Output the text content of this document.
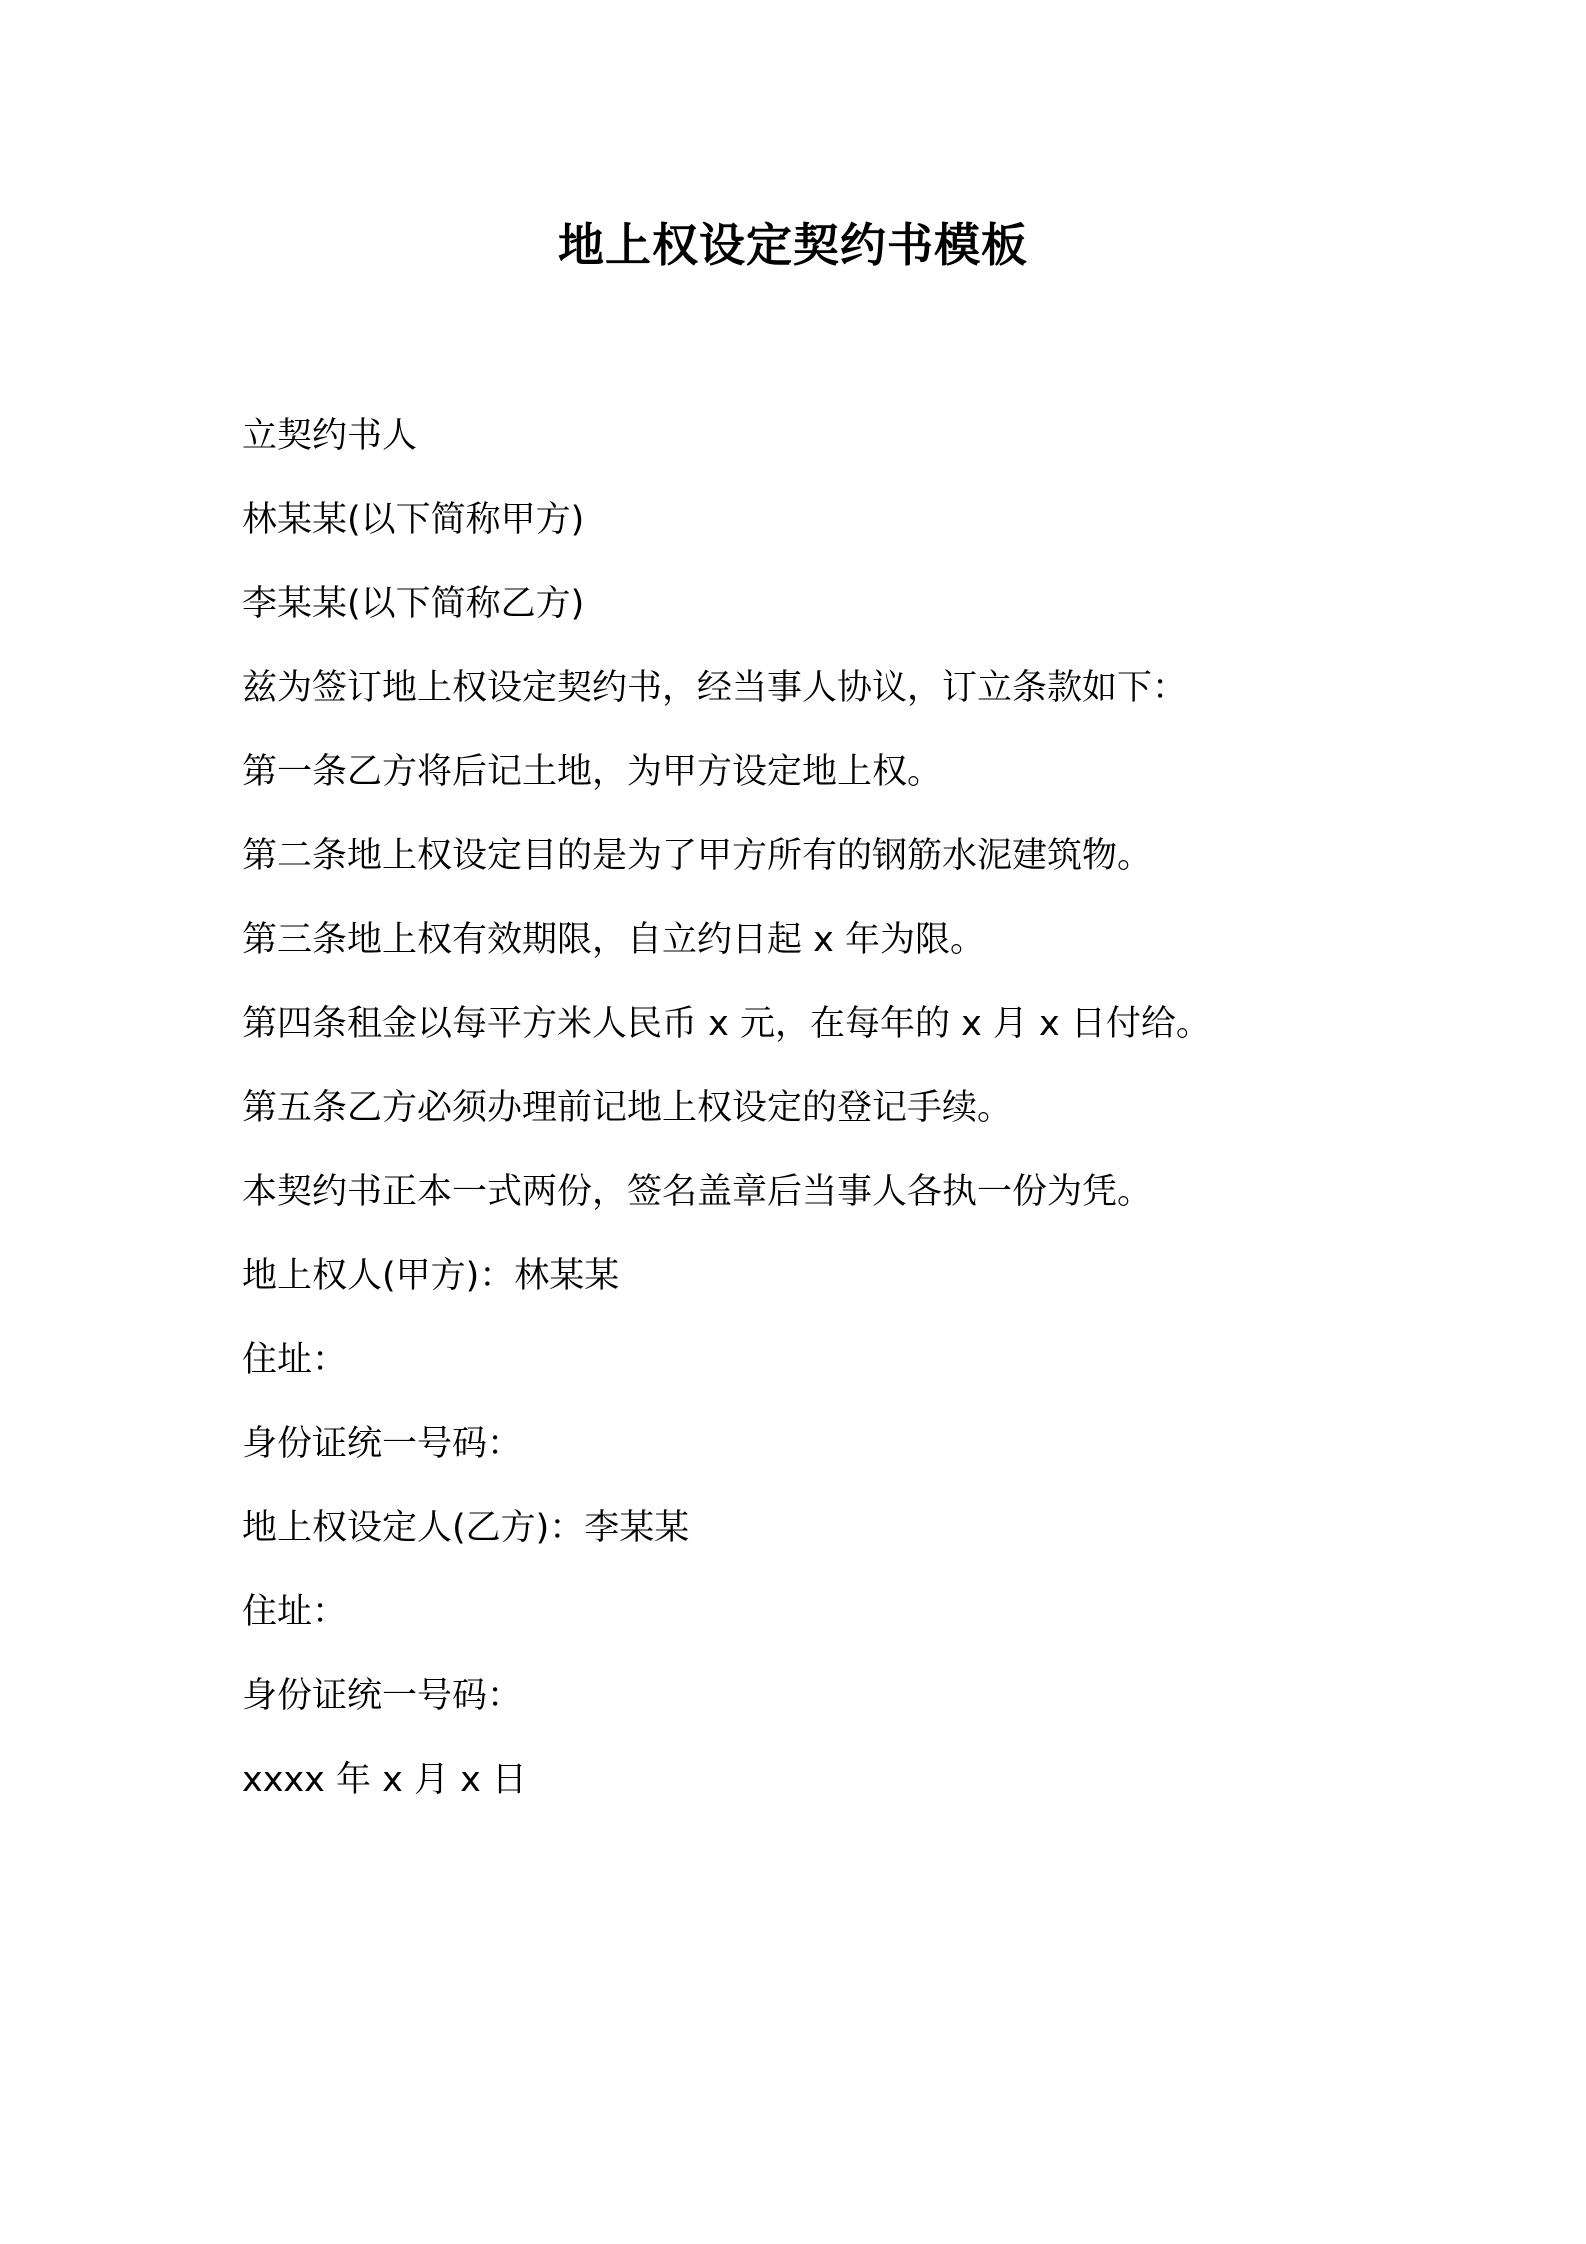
地上权设定契约书模板
立契约书人
林某某(以下简称甲方)
李某某(以下简称乙方)
兹为签订地上权设定契约书，经当事人协议，订立条款如下：
第一条乙方将后记土地，为甲方设定地上权。
第二条地上权设定目的是为了甲方所有的钢筋水泥建筑物。
第三条地上权有效期限，自立约日起 x 年为限。
第四条租金以每平方米人民币 x 元，在每年的 x 月 x 日付给。
第五条乙方必须办理前记地上权设定的登记手续。
本契约书正本一式两份，签名盖章后当事人各执一份为凭。
地上权人(甲方)：林某某
住址：
身份证统一号码：
地上权设定人(乙方)：李某某
住址：
身份证统一号码：
xxxx 年 x 月 x 日
